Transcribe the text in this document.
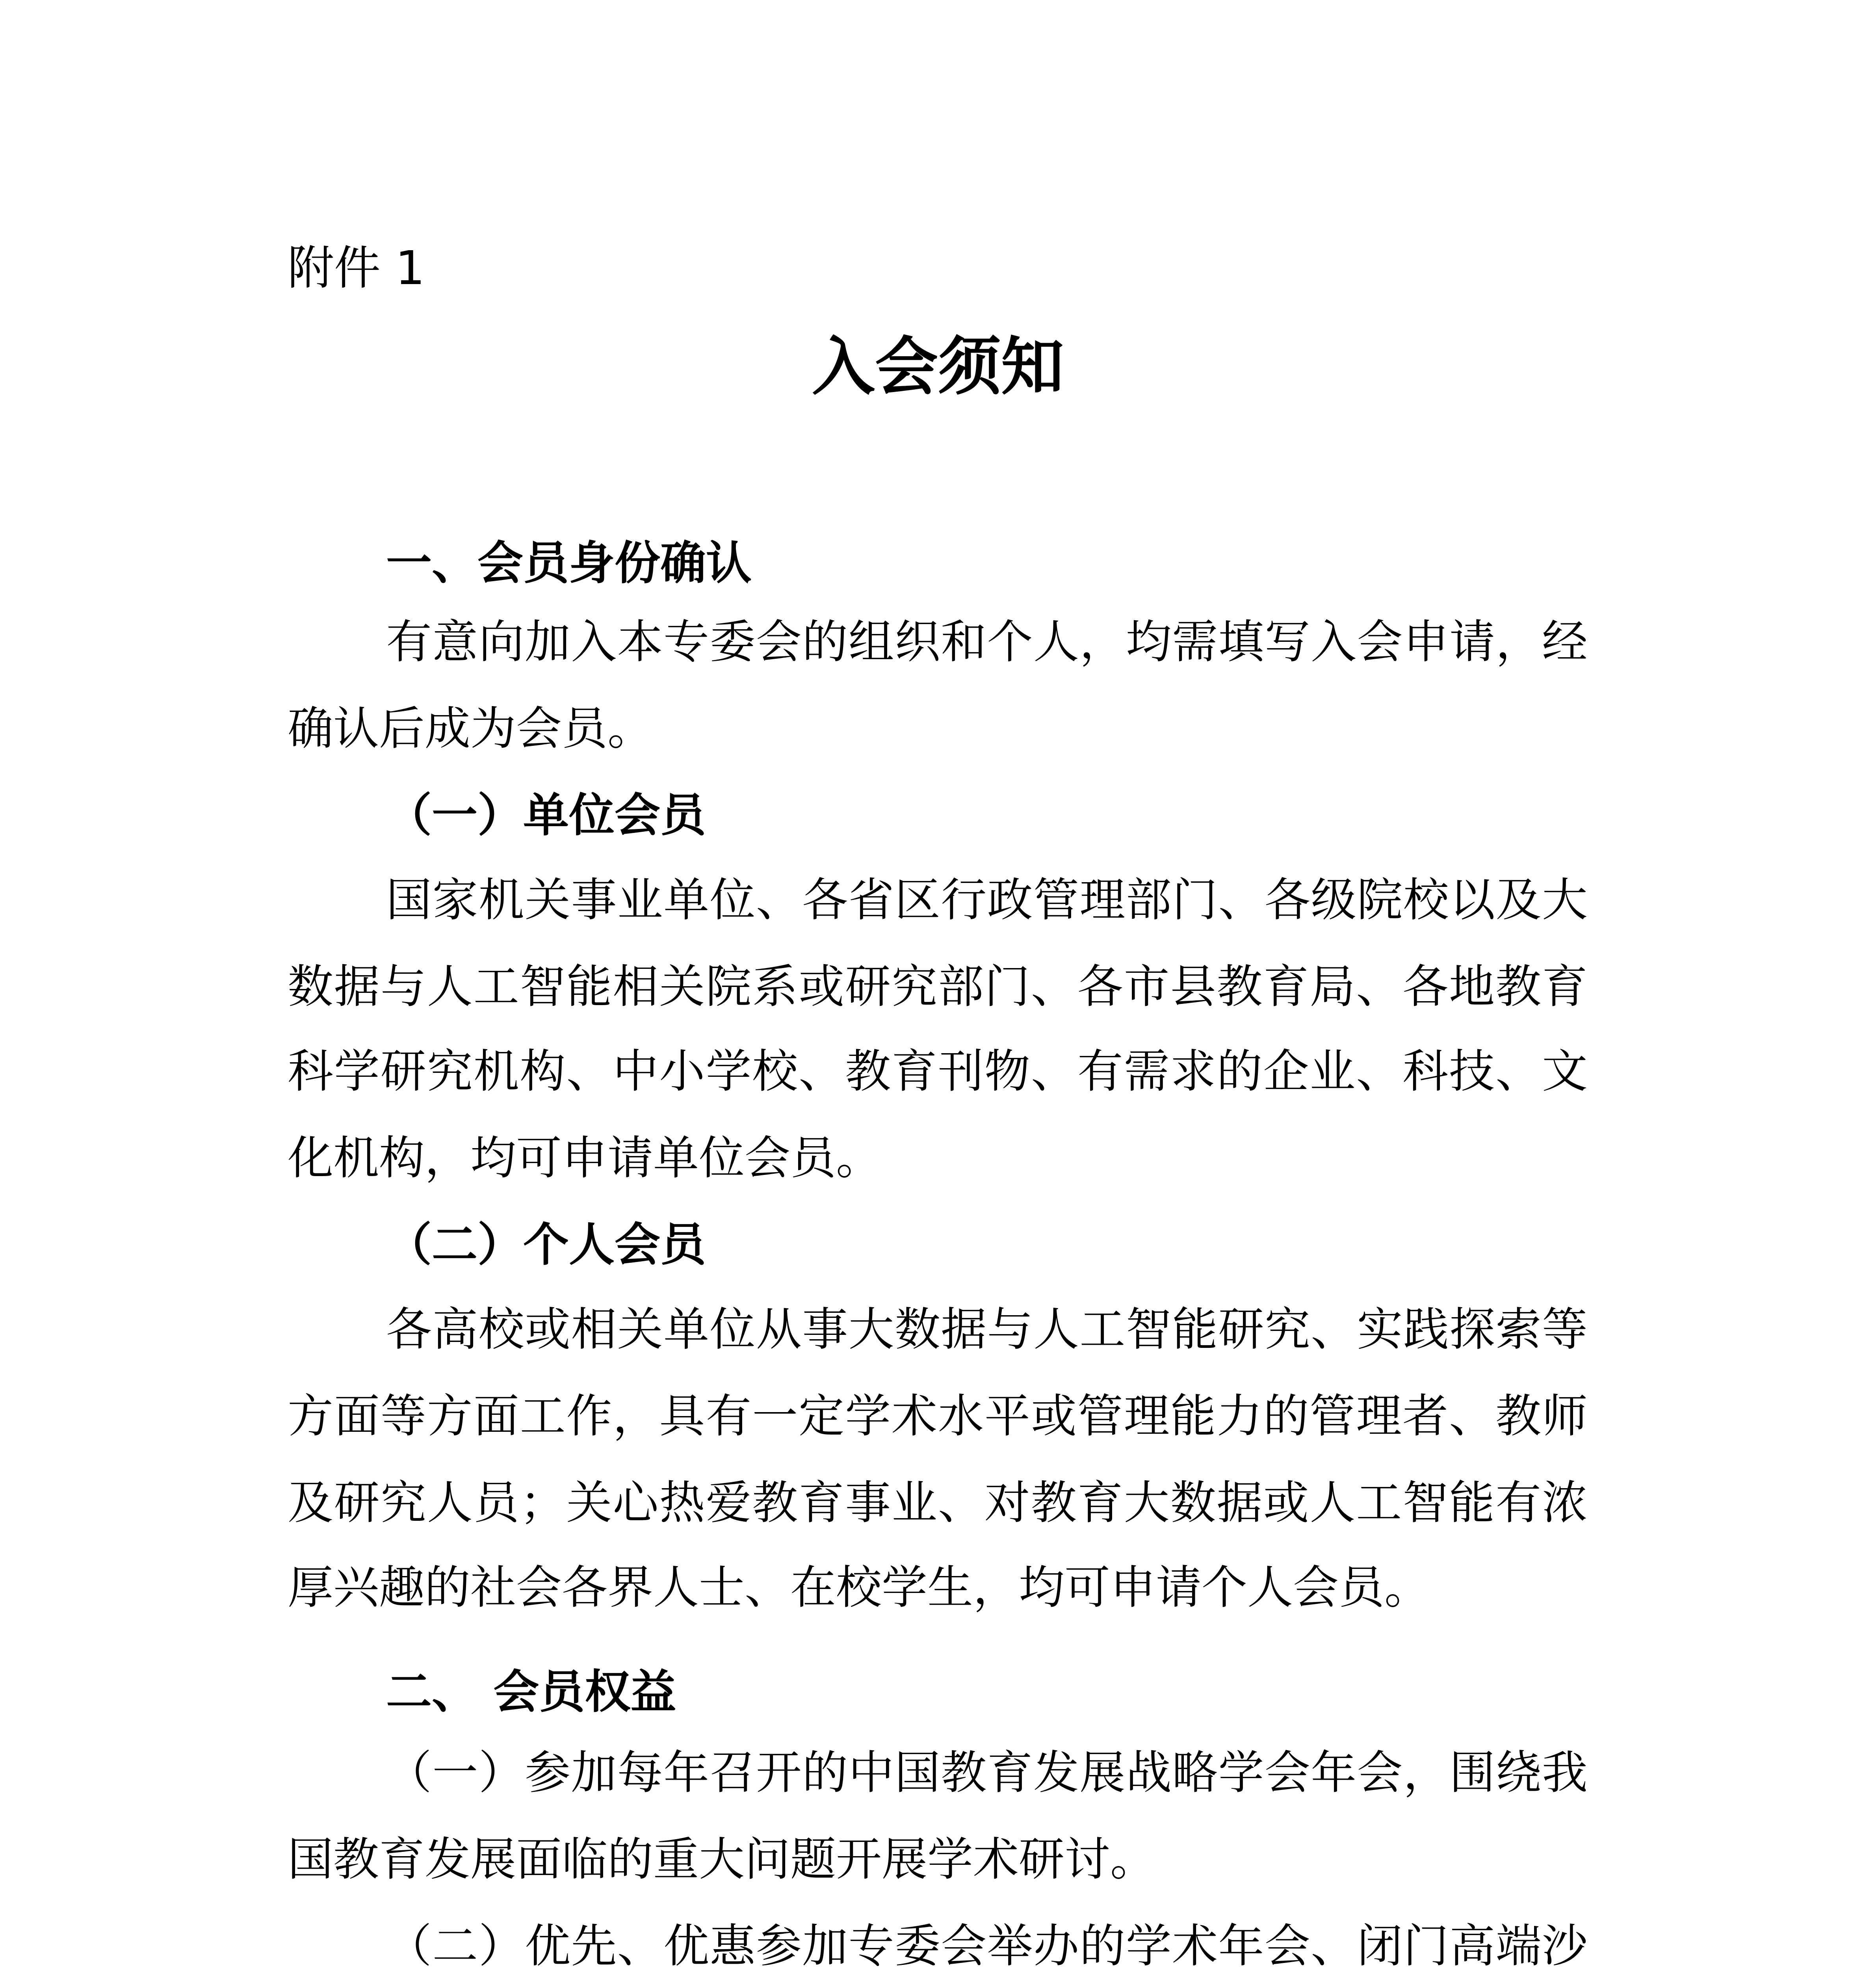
附件 1
入会须知
一、会员身份确认
有意向加入本专委会的组织和个人，均需填写入会申请，经
确认后成为会员。
（一）单位会员
国家机关事业单位、各省区行政管理部门、各级院校以及大
数据与人工智能相关院系或研究部门、各市县教育局、各地教育
科学研究机构、中小学校、教育刊物、有需求的企业、科技、文
化机构，均可申请单位会员。
（二）个人会员
各高校或相关单位从事大数据与人工智能研究、实践探索等
方面等方面工作，具有一定学术水平或管理能力的管理者、教师
及研究人员；关心热爱教育事业、对教育大数据或人工智能有浓
厚兴趣的社会各界人士、在校学生，均可申请个人会员。
二、 会员权益
（一）参加每年召开的中国教育发展战略学会年会，围绕我
国教育发展面临的重大问题开展学术研讨。
（二）优先、优惠参加专委会举办的学术年会、闭门高端沙
